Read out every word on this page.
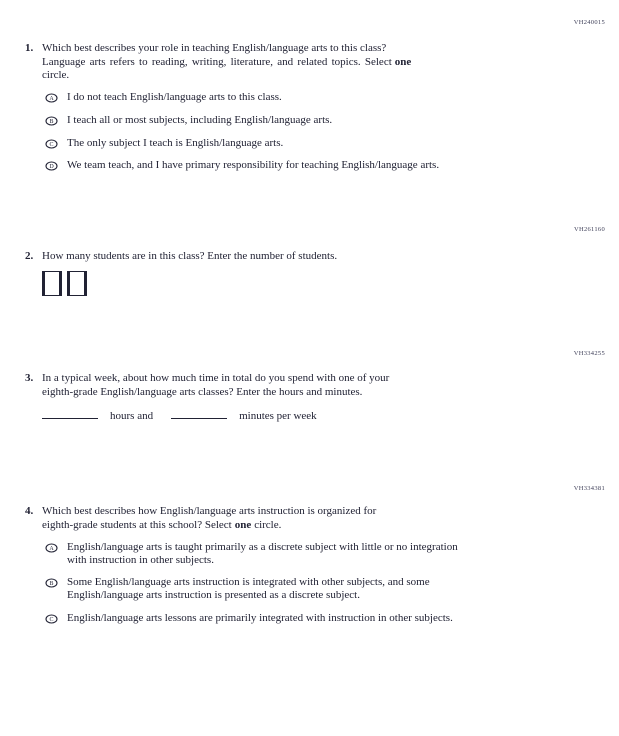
VH240015
1. Which best describes your role in teaching English/language arts to this class?
Language arts refers to reading, writing, literature, and related topics. Select one
circle.
A I do not teach English/language arts to this class.
B I teach all or most subjects, including English/language arts.
C The only subject I teach is English/language arts.
D We team teach, and I have primary responsibility for teaching English/language arts.
VH261160
2. How many students are in this class? Enter the number of students.
VH334255
3. In a typical week, about how much time in total do you spend with one of your
eighth-grade English/language arts classes? Enter the hours and minutes.
hours and	minutes per week
VH334381
4. Which best describes how English/language arts instruction is organized for
eighth-grade students at this school? Select one circle.
A English/language arts is taught primarily as a discrete subject with little or no integration
with instruction in other subjects.
B Some English/language arts instruction is integrated with other subjects, and some
English/language arts instruction is presented as a discrete subject.
C English/language arts lessons are primarily integrated with instruction in other subjects.
